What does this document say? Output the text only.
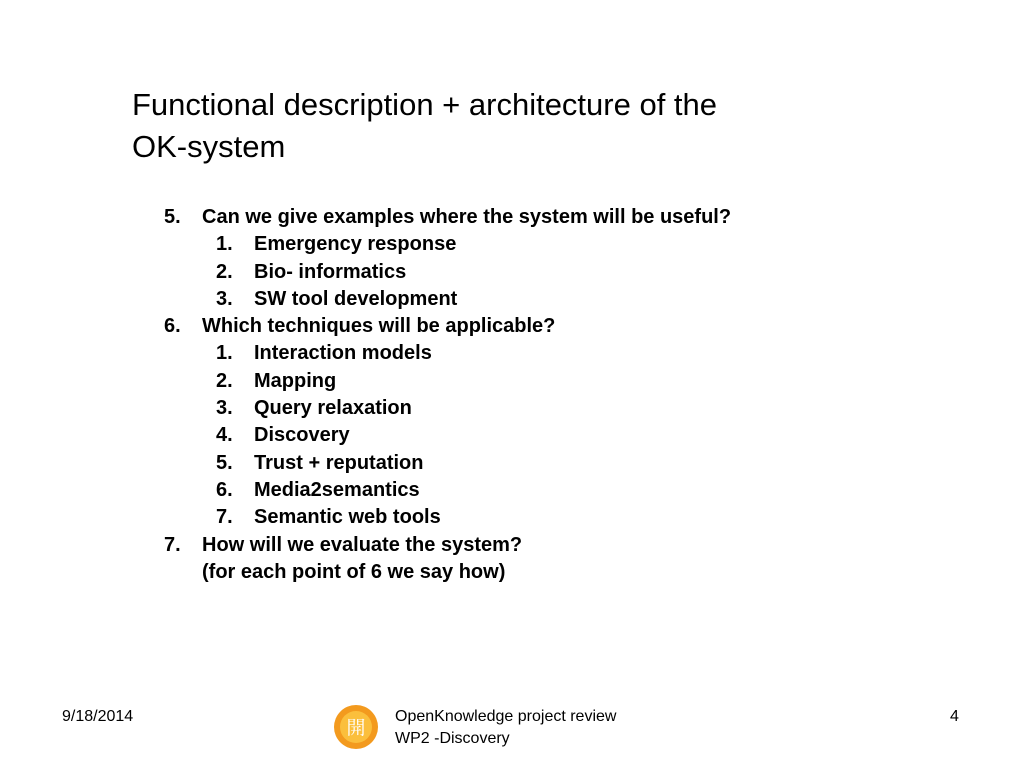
Functional description + architecture of the
OK-system
5. Can we give examples where the system will be useful?
1. Emergency response
2. Bio- informatics
3. SW tool development
6. Which techniques will be applicable?
1. Interaction models
2. Mapping
3. Query relaxation
4. Discovery
5. Trust + reputation
6. Media2semantics
7. Semantic web tools
7. How will we evaluate the system?
(for each point of 6 we say how)
9/18/2014
開
OpenKnowledge project review
WP2 -Discovery
4
